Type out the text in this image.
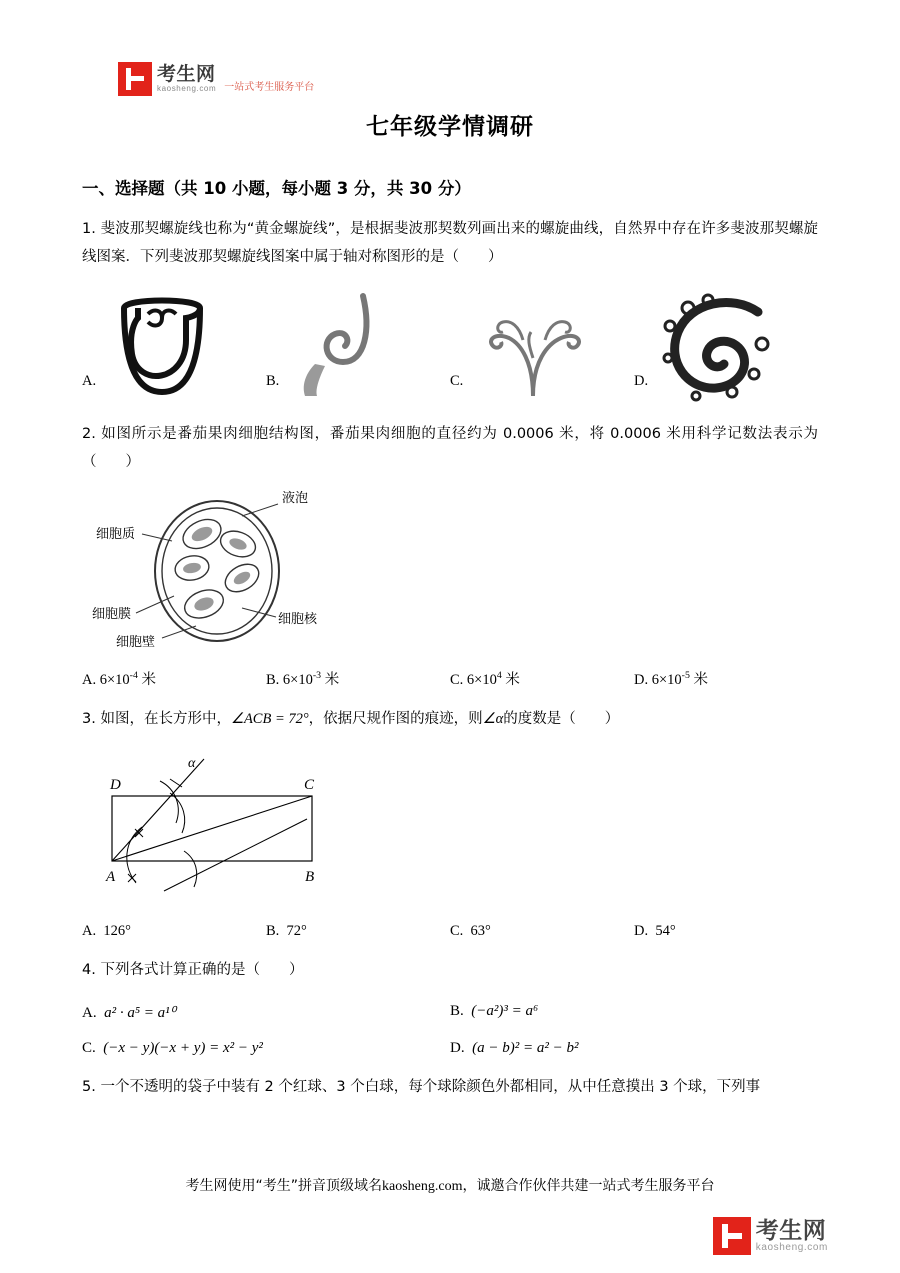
考生网
kaosheng.com 一站式考生服务平台
七年级学情调研
一、选择题（共 10 小题，每小题 3 分，共 30 分）
1. 斐波那契螺旋线也称为“黄金螺旋线”，是根据斐波那契数列画出来的螺旋曲线，自然界中存在许多斐波那契螺旋线图案．下列斐波那契螺旋线图案中属于轴对称图形的是（　　）
A.	B.	C.	D.
2. 如图所示是番茄果肉细胞结构图，番茄果肉细胞的直径约为 0.0006 米，将 0.0006 米用科学记数法表示为（　　）
液泡
细胞质
细胞膜
细胞壁
细胞核
A. $6\times 10^{-4}$ 米	B. $6\times 10^{-3}$ 米	C. $6\times 10^4$ 米	D. $6\times 10^{-5}$ 米
3. 如图，在长方形中，∠ACB = 72°，依据尺规作图的痕迹，则∠α的度数是（　　）
D	C
A	B
α
A. 126°	B. 72°	C. 63°	D. 54°
4. 下列各式计算正确的是（　　）
A. a² · a⁵ = a¹⁰	B. (−a²)³ = a⁶
C. (−x − y)(−x + y) = x² − y²	D. (a − b)² = a² − b²
5. 一个不透明的袋子中装有 2 个红球、3 个白球，每个球除颜色外都相同，从中任意摸出 3 个球，下列事
考生网使用“考生”拼音顶级域名kaosheng.com，诚邀合作伙伴共建一站式考生服务平台
考生网
kaosheng.com
